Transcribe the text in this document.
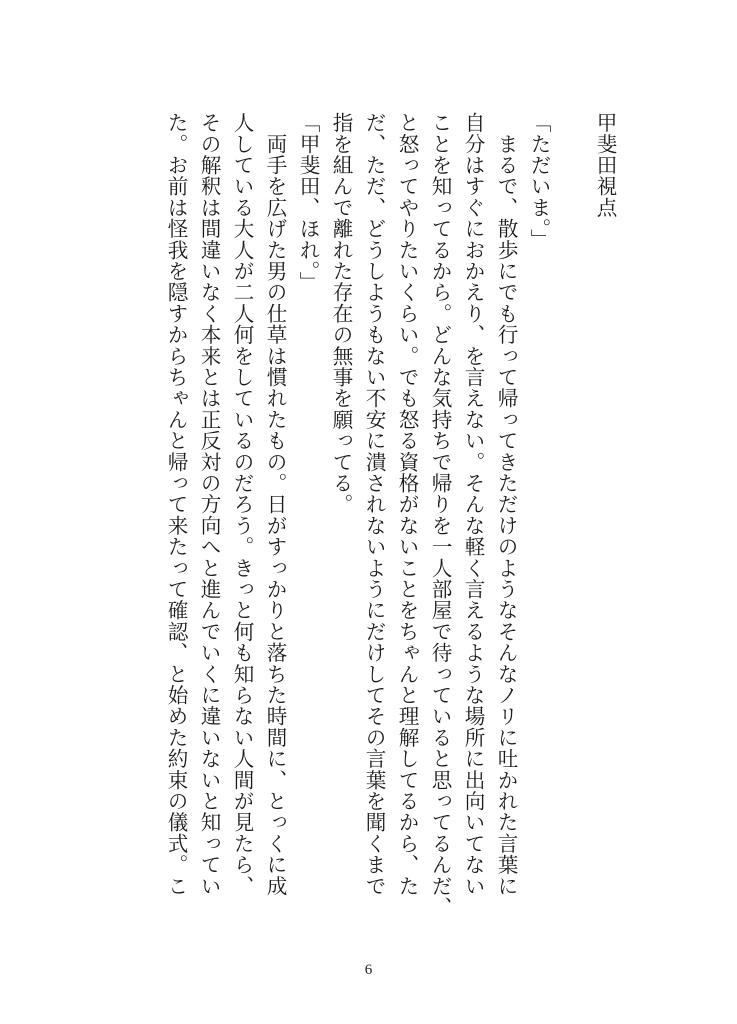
甲斐田視点
「ただいま。」
　まるで、散歩にでも行って帰ってきただけのようなそんなノリに吐かれた言葉に
自分はすぐにおかえり、を言えない。そんな軽く言えるような場所に出向いてない
ことを知ってるから。どんな気持ちで帰りを一人部屋で待っていると思ってるんだ、
と怒ってやりたいくらい。でも怒る資格がないことをちゃんと理解してるから、た
だ、ただ、どうしようもない不安に潰されないようにだけしてその言葉を聞くまで
指を組んで離れた存在の無事を願ってる。
「甲斐田、ほれ。」
　両手を広げた男の仕草は慣れたもの。日がすっかりと落ちた時間に、とっくに成
人している大人が二人何をしているのだろう。きっと何も知らない人間が見たら、
その解釈は間違いなく本来とは正反対の方向へと進んでいくに違いないと知ってい
た。お前は怪我を隠すからちゃんと帰って来たって確認、と始めた約束の儀式。こ
6
